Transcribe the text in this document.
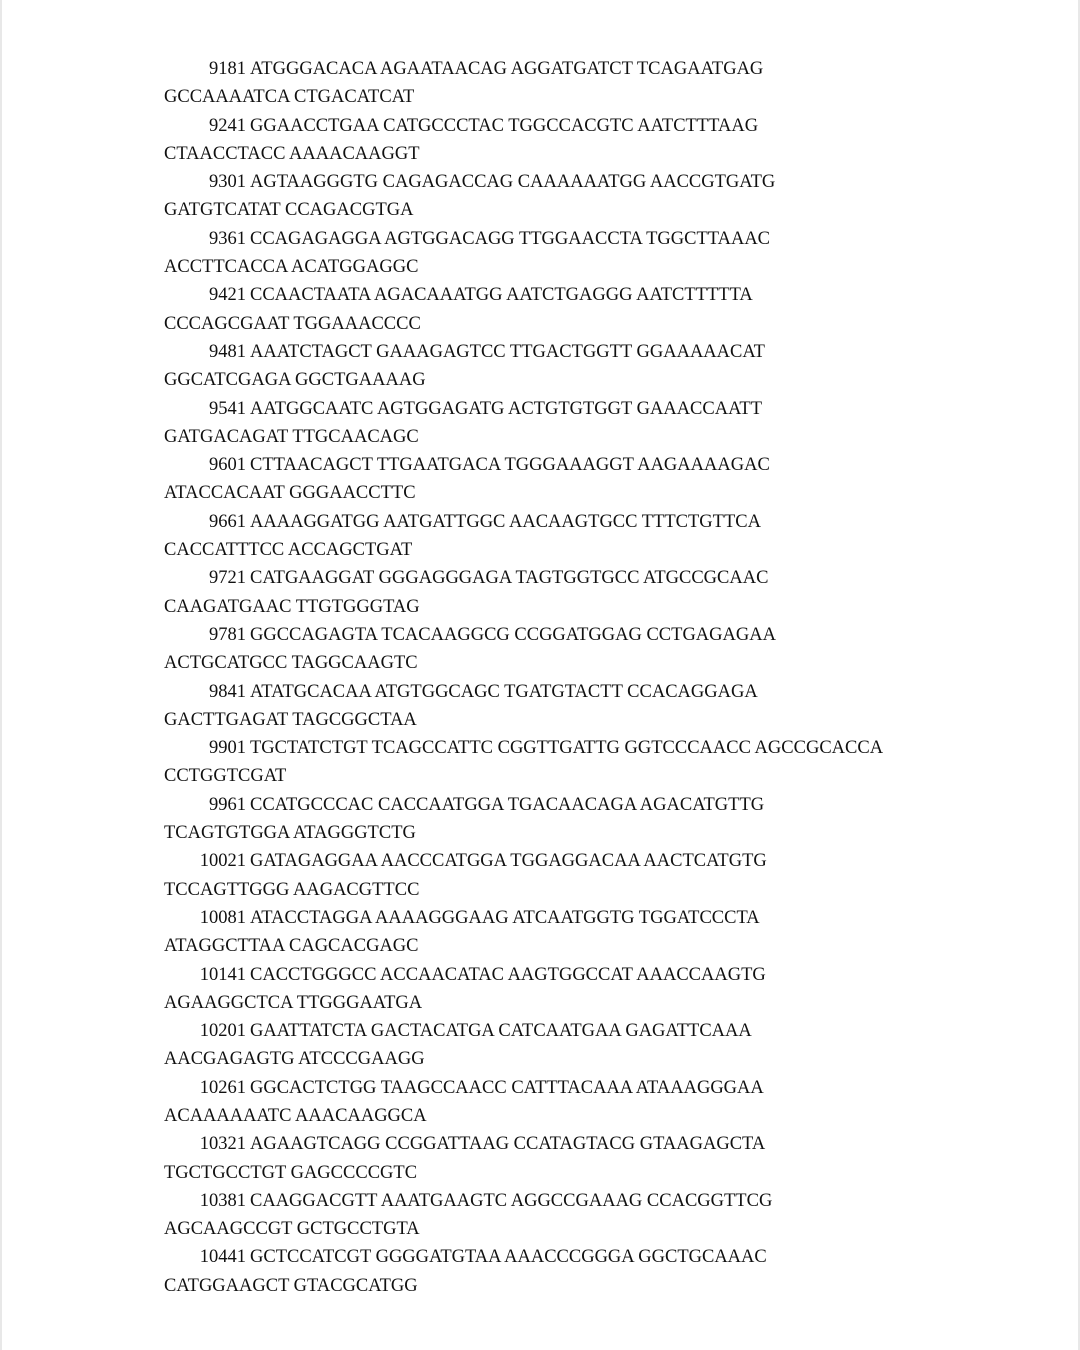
9181 ATGGGACACA AGAATAACAG AGGATGATCT TCAGAATGAG
GCCAAAATCA CTGACATCAT
9241 GGAACCTGAA CATGCCCTAC TGGCCACGTC AATCTTTAAG
CTAACCTACC AAAACAAGGT
9301 AGTAAGGGTG CAGAGACCAG CAAAAAATGG AACCGTGATG
GATGTCATAT CCAGACGTGA
9361 CCAGAGAGGA AGTGGACAGG TTGGAACCTA TGGCTTAAAC
ACCTTCACCA ACATGGAGGC
9421 CCAACTAATA AGACAAATGG AATCTGAGGG AATCTTTTTA
CCCAGCGAAT TGGAAACCCC
9481 AAATCTAGCT GAAAGAGTCC TTGACTGGTT GGAAAAACAT
GGCATCGAGA GGCTGAAAAG
9541 AATGGCAATC AGTGGAGATG ACTGTGTGGT GAAACCAATT
GATGACAGAT TTGCAACAGC
9601 CTTAACAGCT TTGAATGACA TGGGAAAGGT AAGAAAAGAC
ATACCACAAT GGGAACCTTC
9661 AAAAGGATGG AATGATTGGC AACAAGTGCC TTTCTGTTCA
CACCATTTCC ACCAGCTGAT
9721 CATGAAGGAT GGGAGGGAGA TAGTGGTGCC ATGCCGCAAC
CAAGATGAAC TTGTGGGTAG
9781 GGCCAGAGTA TCACAAGGCG CCGGATGGAG CCTGAGAGAA
ACTGCATGCC TAGGCAAGTC
9841 ATATGCACAA ATGTGGCAGC TGATGTACTT CCACAGGAGA
GACTTGAGAT TAGCGGCTAA
9901 TGCTATCTGT TCAGCCATTC CGGTTGATTG GGTCCCAACC AGCCGCACCA
CCTGGTCGAT
9961 CCATGCCCAC CACCAATGGA TGACAACAGA AGACATGTTG
TCAGTGTGGA ATAGGGTCTG
10021 GATAGAGGAA AACCCATGGA TGGAGGACAA AACTCATGTG
TCCAGTTGGG AAGACGTTCC
10081 ATACCTAGGA AAAAGGGAAG ATCAATGGTG TGGATCCCTA
ATAGGCTTAA CAGCACGAGC
10141 CACCTGGGCC ACCAACATAC AAGTGGCCAT AAACCAAGTG
AGAAGGCTCA TTGGGAATGA
10201 GAATTATCTA GACTACATGA CATCAATGAA GAGATTCAAA
AACGAGAGTG ATCCCGAAGG
10261 GGCACTCTGG TAAGCCAACC CATTTACAAA ATAAAGGGAA
ACAAAAAATC AAACAAGGCA
10321 AGAAGTCAGG CCGGATTAAG CCATAGTACG GTAAGAGCTA
TGCTGCCTGT GAGCCCCGTC
10381 CAAGGACGTT AAATGAAGTC AGGCCGAAAG CCACGGTTCG
AGCAAGCCGT GCTGCCTGTA
10441 GCTCCATCGT GGGGATGTAA AAACCCGGGA GGCTGCAAAC
CATGGAAGCT GTACGCATGG
